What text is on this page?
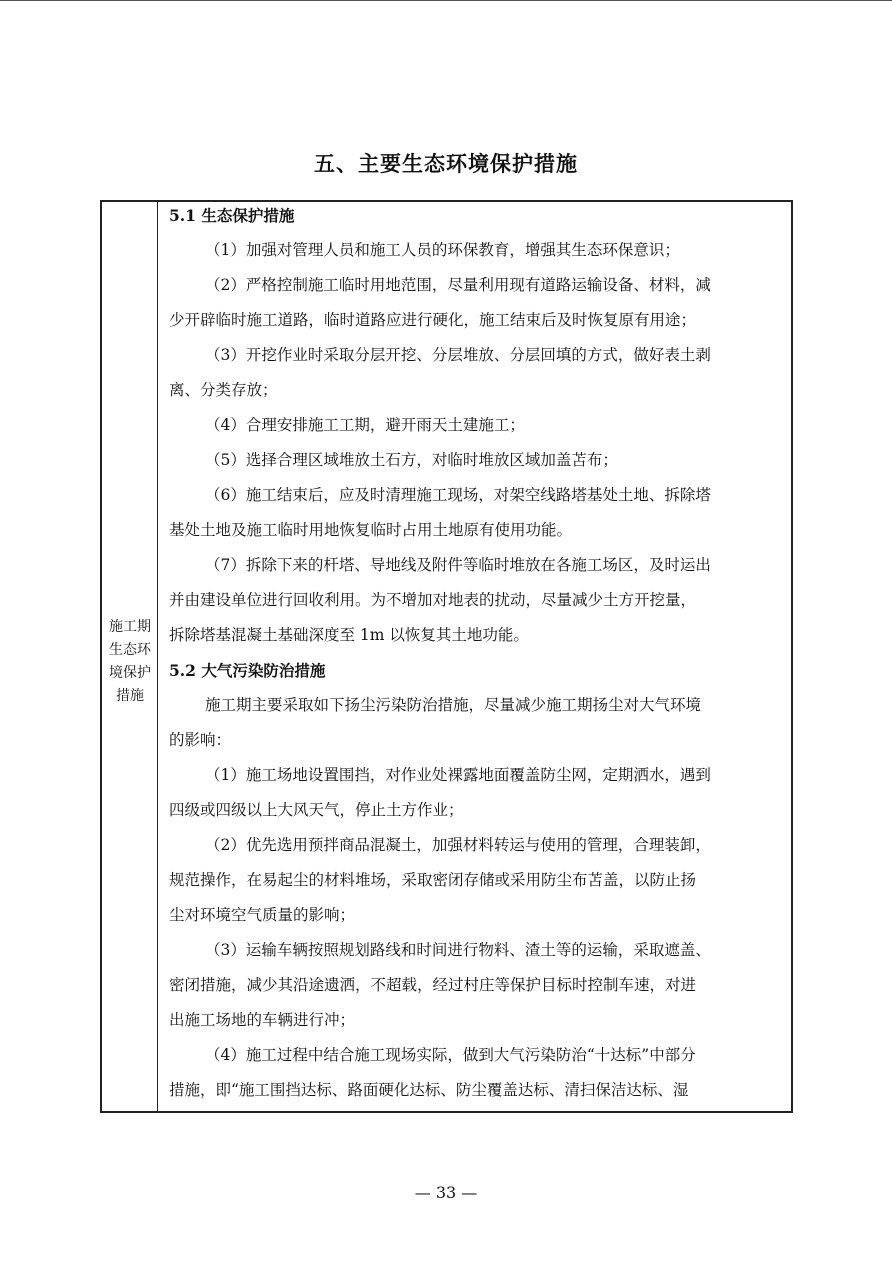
五、主要生态环境保护措施
施工期
生态环
境保护
措施
5.1 生态保护措施
（1）加强对管理人员和施工人员的环保教育，增强其生态环保意识；
（2）严格控制施工临时用地范围，尽量利用现有道路运输设备、材料，减
少开辟临时施工道路，临时道路应进行硬化，施工结束后及时恢复原有用途；
（3）开挖作业时采取分层开挖、分层堆放、分层回填的方式，做好表土剥
离、分类存放；
（4）合理安排施工工期，避开雨天土建施工；
（5）选择合理区域堆放土石方，对临时堆放区域加盖苫布；
（6）施工结束后，应及时清理施工现场，对架空线路塔基处土地、拆除塔
基处土地及施工临时用地恢复临时占用土地原有使用功能。
（7）拆除下来的杆塔、导地线及附件等临时堆放在各施工场区，及时运出
并由建设单位进行回收利用。为不增加对地表的扰动，尽量减少土方开挖量，
拆除塔基混凝土基础深度至 1m 以恢复其土地功能。
5.2 大气污染防治措施
施工期主要采取如下扬尘污染防治措施，尽量减少施工期扬尘对大气环境
的影响：
（1）施工场地设置围挡，对作业处裸露地面覆盖防尘网，定期洒水，遇到
四级或四级以上大风天气，停止土方作业；
（2）优先选用预拌商品混凝土，加强材料转运与使用的管理，合理装卸，
规范操作，在易起尘的材料堆场，采取密闭存储或采用防尘布苫盖，以防止扬
尘对环境空气质量的影响；
（3）运输车辆按照规划路线和时间进行物料、渣土等的运输，采取遮盖、
密闭措施，减少其沿途遗洒，不超载，经过村庄等保护目标时控制车速，对进
出施工场地的车辆进行冲；
（4）施工过程中结合施工现场实际，做到大气污染防治“十达标”中部分
措施，即“施工围挡达标、路面硬化达标、防尘覆盖达标、清扫保洁达标、湿
— 33 —
